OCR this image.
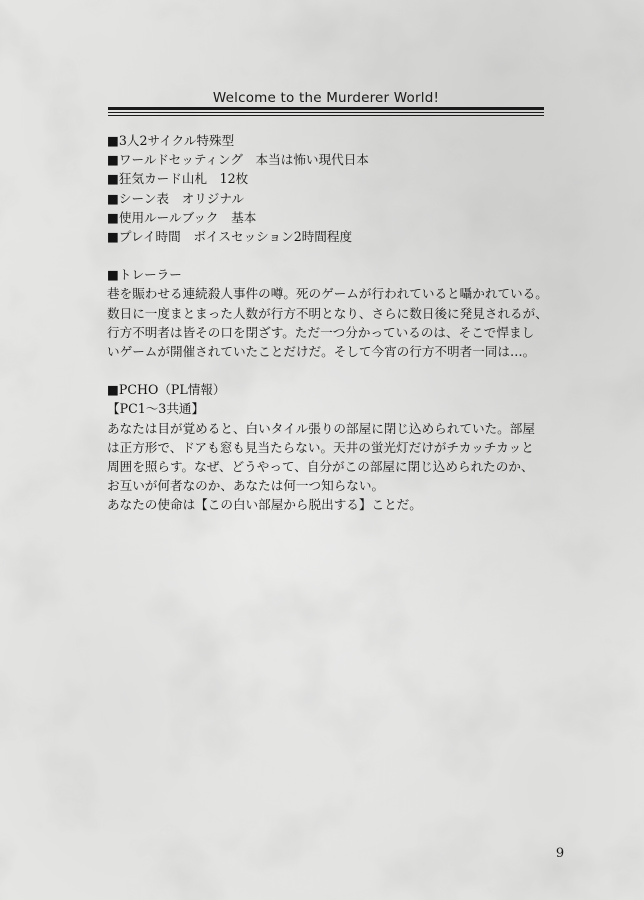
Welcome to the Murderer World!

■3人2サイクル特殊型

■ワールドセッティング　本当は怖い現代日本

■狂気カード山札　12枚

■シーン表　オリジナル

■使用ルールブック　基本

■プレイ時間　ボイスセッション2時間程度

■トレーラー

巷を賑わせる連続殺人事件の噂。死のゲームが行われていると囁かれている。

数日に一度まとまった人数が行方不明となり、さらに数日後に発見されるが、

行方不明者は皆その口を閉ざす。ただ一つ分かっているのは、そこで悍まし

いゲームが開催されていたことだけだ。そして今宵の行方不明者一同は…。

■PCHO（PL情報）

【PC1～3共通】

あなたは目が覚めると、白いタイル張りの部屋に閉じ込められていた。部屋

は正方形で、ドアも窓も見当たらない。天井の蛍光灯だけがチカッチカッと

周囲を照らす。なぜ、どうやって、自分がこの部屋に閉じ込められたのか、

お互いが何者なのか、あなたは何一つ知らない。

あなたの使命は【この白い部屋から脱出する】ことだ。

9
